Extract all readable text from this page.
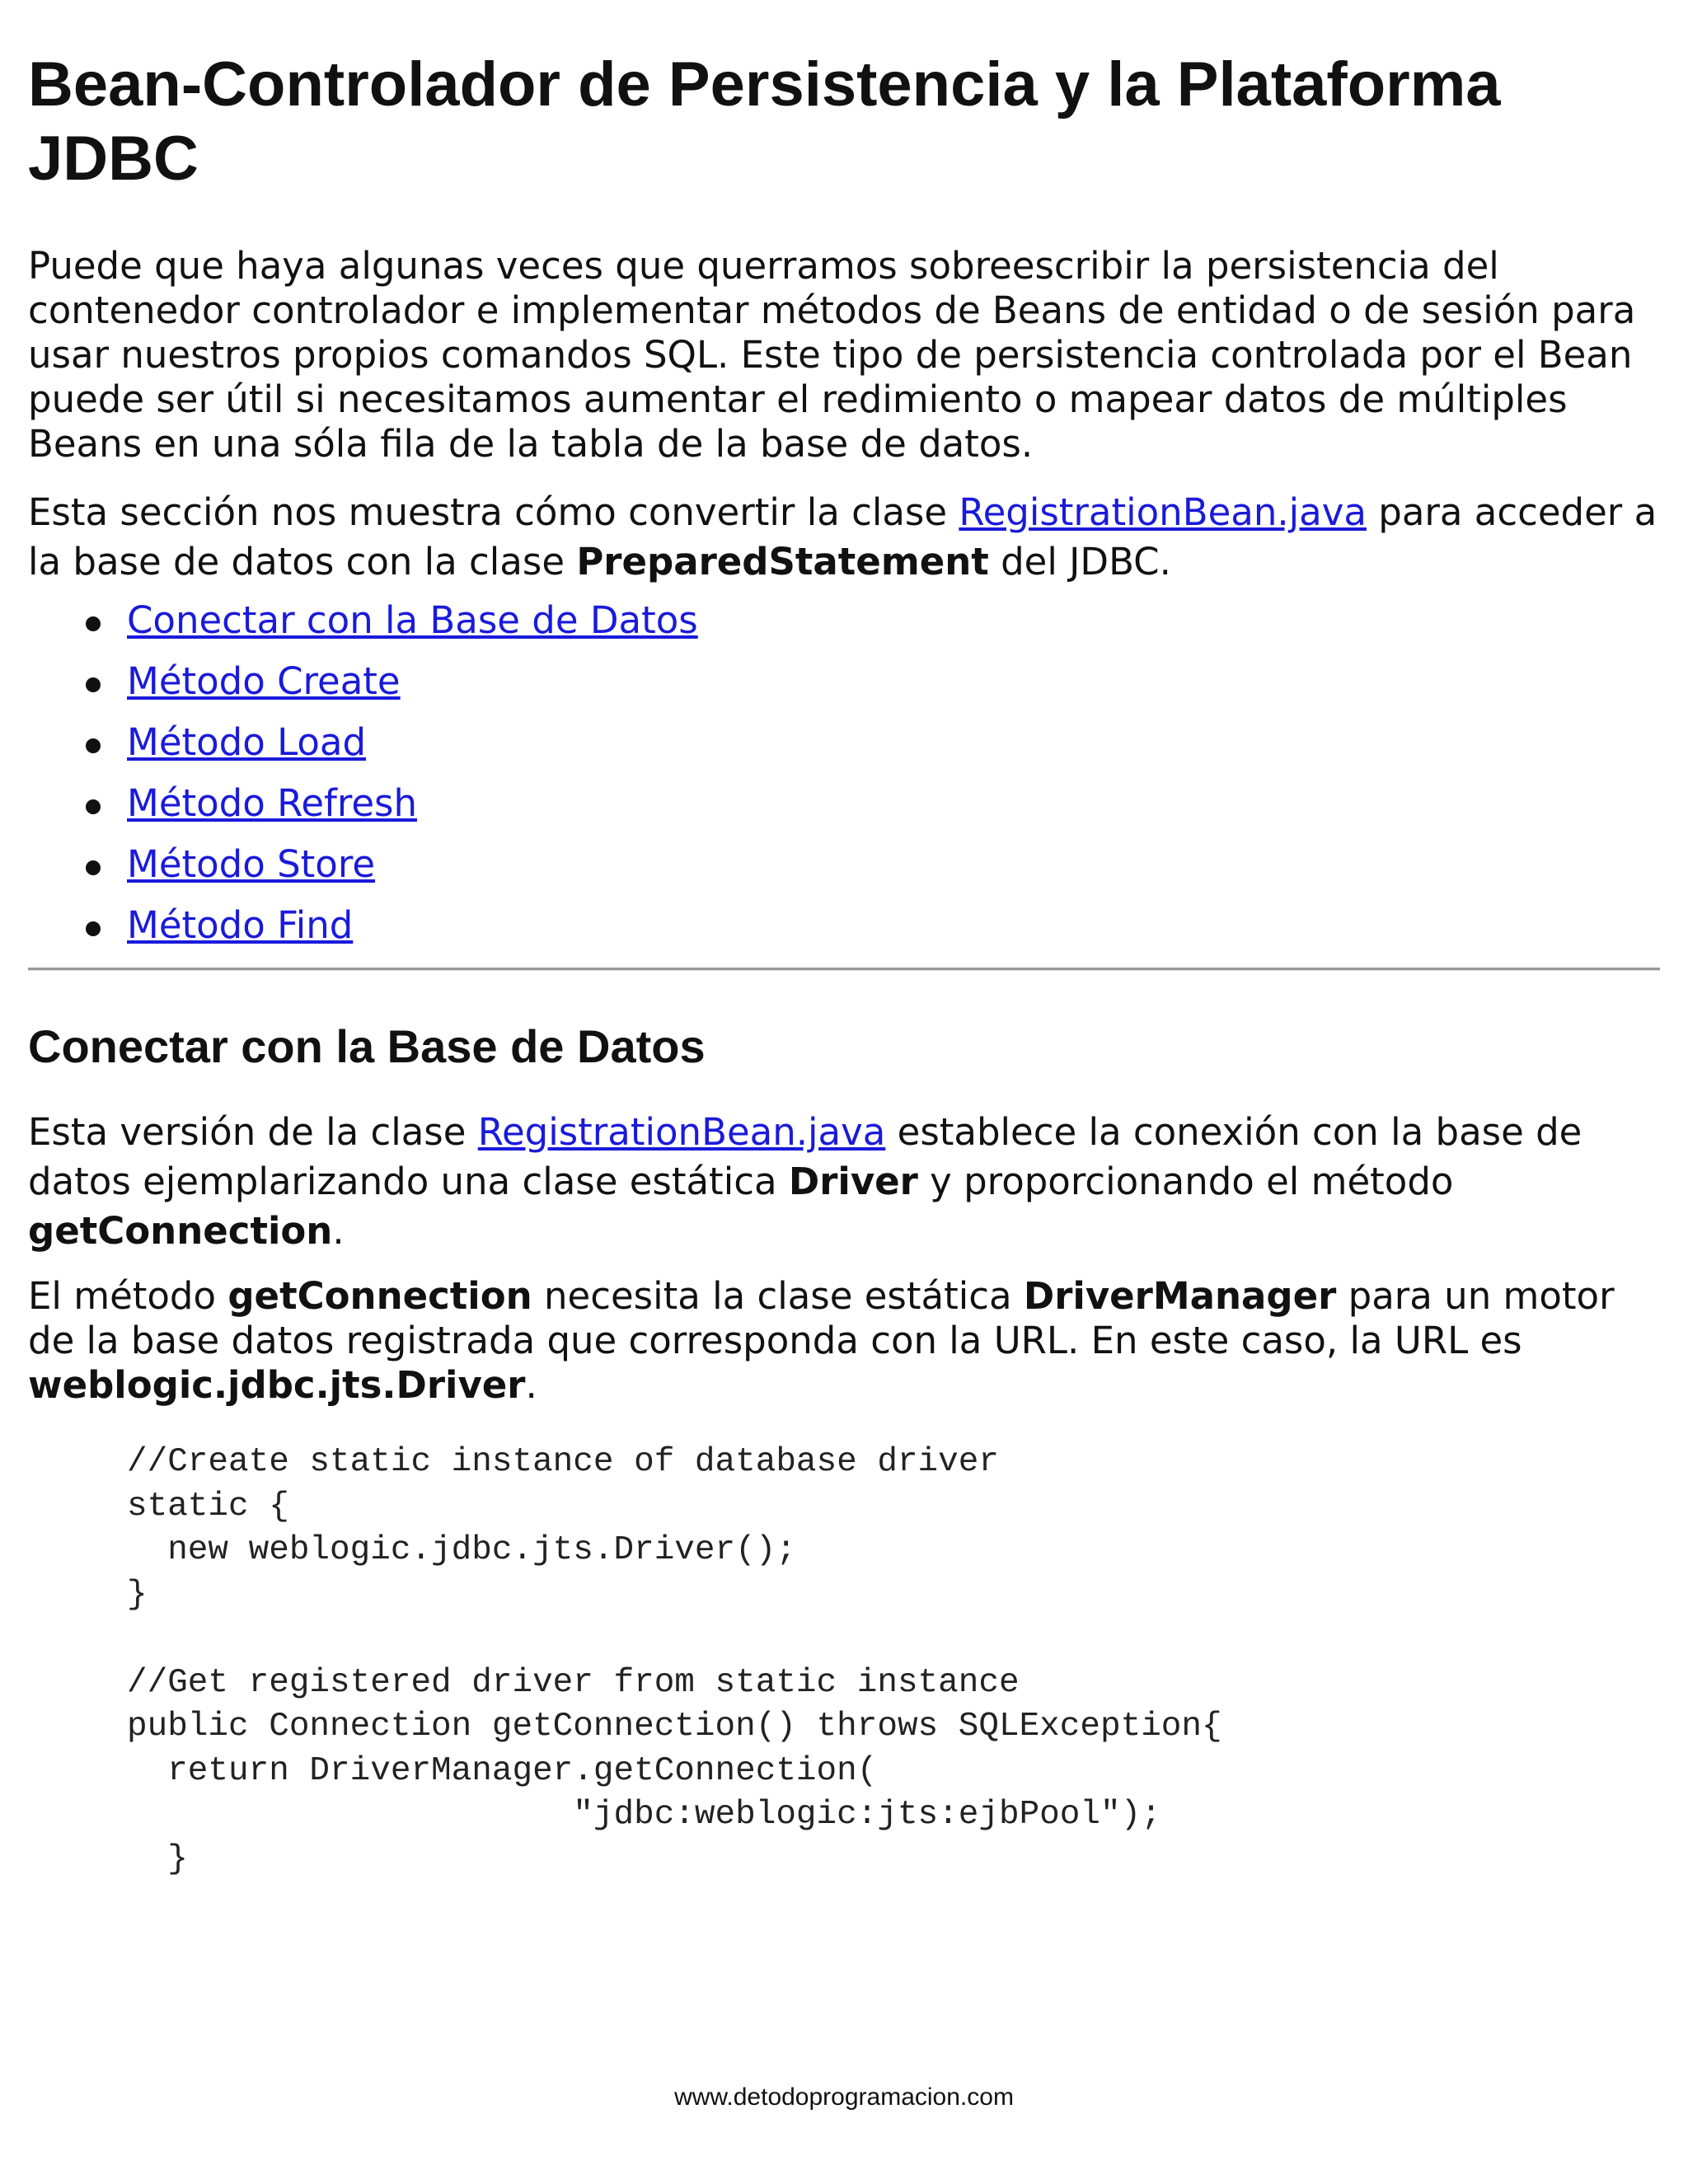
Bean-Controlador de Persistencia y la Plataforma JDBC

Puede que haya algunas veces que querramos sobreescribir la persistencia del contenedor controlador e implementar métodos de Beans de entidad o de sesión para usar nuestros propios comandos SQL. Este tipo de persistencia controlada por el Bean puede ser útil si necesitamos aumentar el redimiento o mapear datos de múltiples Beans en una sóla fila de la tabla de la base de datos.

Esta sección nos muestra cómo convertir la clase RegistrationBean.java para acceder a la base de datos con la clase PreparedStatement del JDBC.

Conectar con la Base de Datos
Método Create
Método Load
Método Refresh
Método Store
Método Find
Conectar con la Base de Datos

Esta versión de la clase RegistrationBean.java establece la conexión con la base de datos ejemplarizando una clase estática Driver y proporcionando el método getConnection.

El método getConnection necesita la clase estática DriverManager para un motor de la base datos registrada que corresponda con la URL. En este caso, la URL es weblogic.jdbc.jts.Driver.

//Create static instance of database driver
static {
new weblogic.jdbc.jts.Driver();
}

//Get registered driver from static instance
public Connection getConnection() throws SQLException{
return DriverManager.getConnection(
"jdbc:weblogic:jts:ejbPool");
}
www.detodoprogramacion.com
